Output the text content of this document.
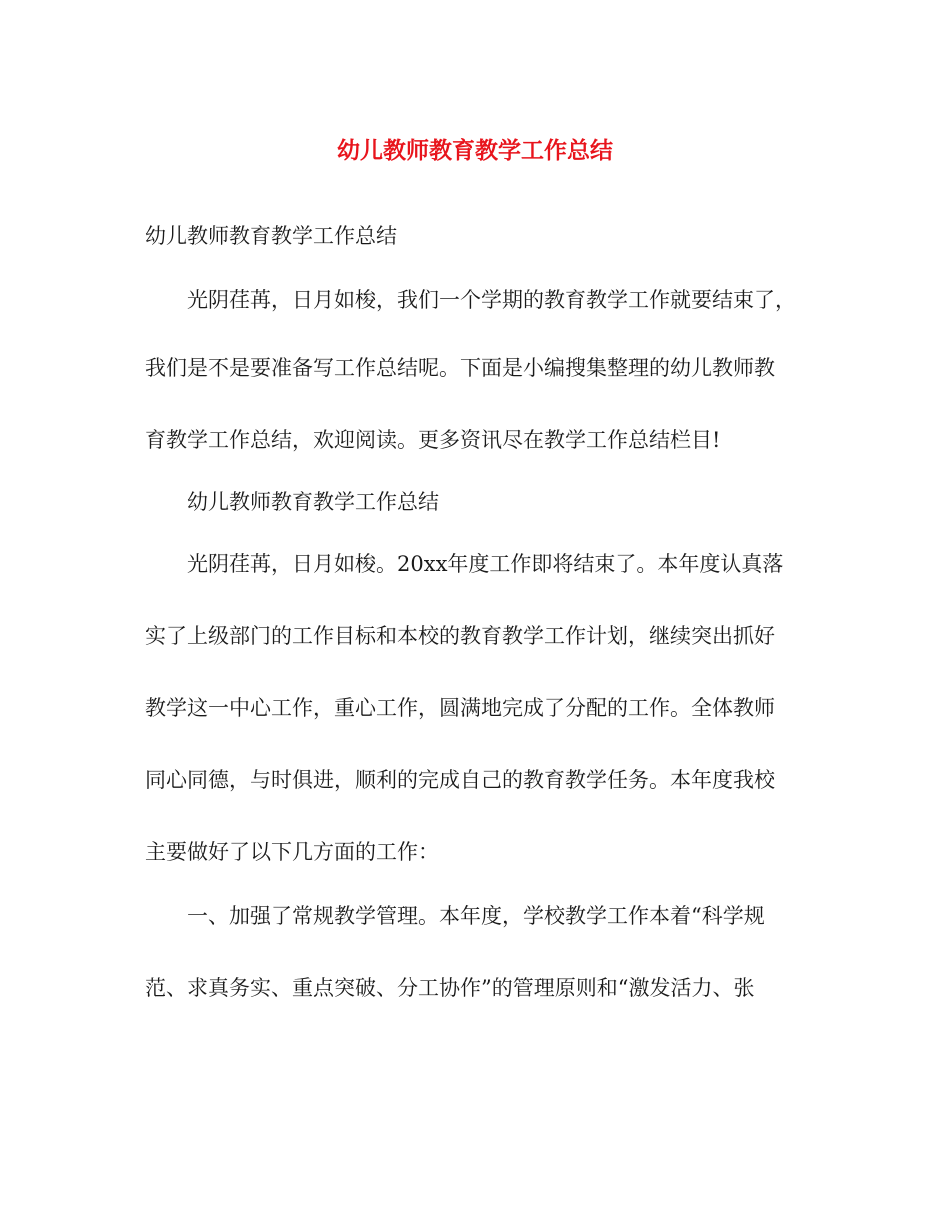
幼儿教师教育教学工作总结

幼儿教师教育教学工作总结

光阴荏苒，日月如梭，我们一个学期的教育教学工作就要结束了，

我们是不是要准备写工作总结呢。下面是小编搜集整理的幼儿教师教

育教学工作总结，欢迎阅读。更多资讯尽在教学工作总结栏目!

幼儿教师教育教学工作总结

光阴荏苒，日月如梭。20xx年度工作即将结束了。本年度认真落

实了上级部门的工作目标和本校的教育教学工作计划，继续突出抓好

教学这一中心工作，重心工作，圆满地完成了分配的工作。全体教师

同心同德，与时俱进，顺利的完成自己的教育教学任务。本年度我校

主要做好了以下几方面的工作：

一、加强了常规教学管理。本年度，学校教学工作本着“科学规

范、求真务实、重点突破、分工协作”的管理原则和“激发活力、张
